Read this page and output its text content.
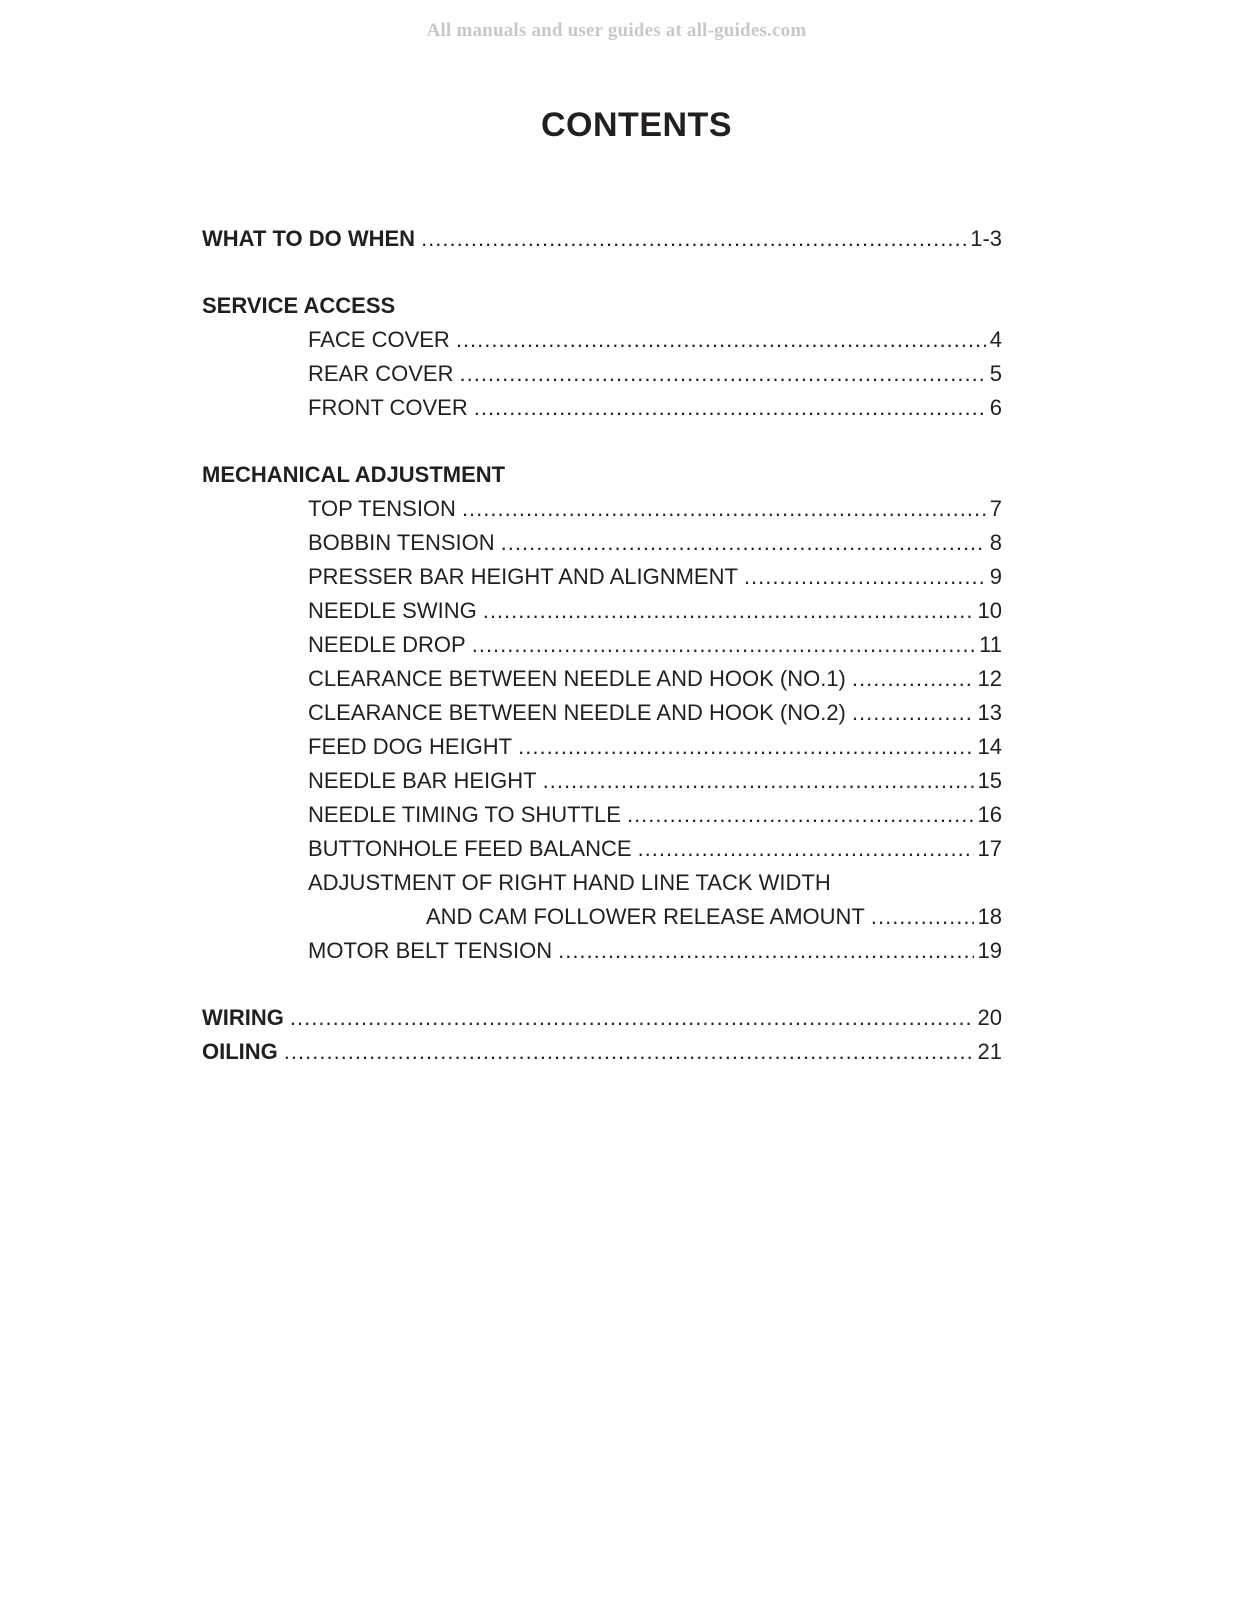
All manuals and user guides at all-guides.com
CONTENTS
WHAT TO DO WHEN .....	1-3
SERVICE ACCESS
FACE COVER .....	4
REAR COVER .....	5
FRONT COVER .....	6
MECHANICAL ADJUSTMENT
TOP TENSION .....	7
BOBBIN TENSION .....	8
PRESSER BAR HEIGHT AND ALIGNMENT .....	9
NEEDLE SWING .....	10
NEEDLE DROP .....	11
CLEARANCE BETWEEN NEEDLE AND HOOK (NO.1) .....	12
CLEARANCE BETWEEN NEEDLE AND HOOK (NO.2) .....	13
FEED DOG HEIGHT .....	14
NEEDLE BAR HEIGHT .....	15
NEEDLE TIMING TO SHUTTLE .....	16
BUTTONHOLE FEED BALANCE .....	17
ADJUSTMENT OF RIGHT HAND LINE TACK WIDTH
AND CAM FOLLOWER RELEASE AMOUNT .....	18
MOTOR BELT TENSION .....	19
WIRING .....	20
OILING .....	21
